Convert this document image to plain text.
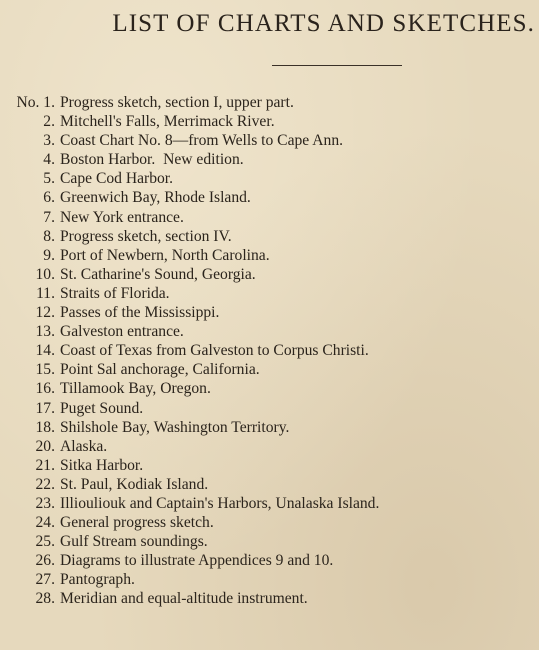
LIST OF CHARTS AND SKETCHES.
No. 1. Progress sketch, section I, upper part.
2. Mitchell's Falls, Merrimack River.
3. Coast Chart No. 8—from Wells to Cape Ann.
4. Boston Harbor.  New edition.
5. Cape Cod Harbor.
6. Greenwich Bay, Rhode Island.
7. New York entrance.
8. Progress sketch, section IV.
9. Port of Newbern, North Carolina.
10. St. Catharine's Sound, Georgia.
11. Straits of Florida.
12. Passes of the Mississippi.
13. Galveston entrance.
14. Coast of Texas from Galveston to Corpus Christi.
15. Point Sal anchorage, California.
16. Tillamook Bay, Oregon.
17. Puget Sound.
18. Shilshole Bay, Washington Territory.
20. Alaska.
21. Sitka Harbor.
22. St. Paul, Kodiak Island.
23. Illioulіouk and Captain's Harbors, Unalaska Island.
24. General progress sketch.
25. Gulf Stream soundings.
26. Diagrams to illustrate Appendices 9 and 10.
27. Pantograph.
28. Meridian and equal-altitude instrument.
